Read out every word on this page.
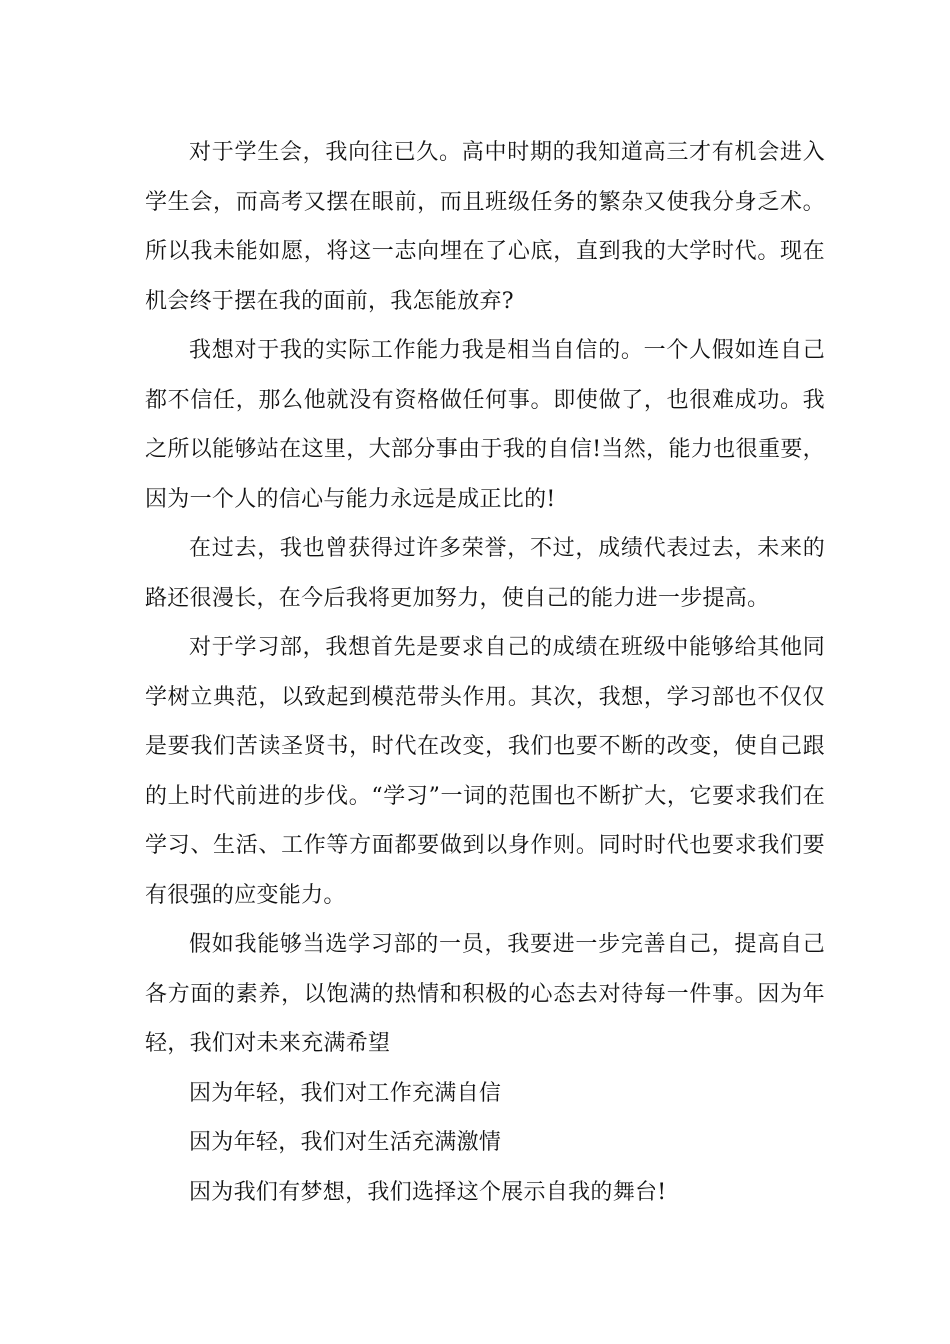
对于学生会，我向往已久。高中时期的我知道高三才有机会进入学生会，而高考又摆在眼前，而且班级任务的繁杂又使我分身乏术。所以我未能如愿，将这一志向埋在了心底，直到我的大学时代。现在机会终于摆在我的面前，我怎能放弃?

我想对于我的实际工作能力我是相当自信的。一个人假如连自己都不信任，那么他就没有资格做任何事。即使做了，也很难成功。我之所以能够站在这里，大部分事由于我的自信!当然，能力也很重要，因为一个人的信心与能力永远是成正比的!

在过去，我也曾获得过许多荣誉，不过，成绩代表过去，未来的路还很漫长，在今后我将更加努力，使自己的能力进一步提高。

对于学习部，我想首先是要求自己的成绩在班级中能够给其他同学树立典范，以致起到模范带头作用。其次，我想，学习部也不仅仅是要我们苦读圣贤书，时代在改变，我们也要不断的改变，使自己跟的上时代前进的步伐。“学习”一词的范围也不断扩大，它要求我们在学习、生活、工作等方面都要做到以身作则。同时时代也要求我们要有很强的应变能力。

假如我能够当选学习部的一员，我要进一步完善自己，提高自己各方面的素养，以饱满的热情和积极的心态去对待每一件事。因为年轻，我们对未来充满希望

因为年轻，我们对工作充满自信

因为年轻，我们对生活充满激情

因为我们有梦想，我们选择这个展示自我的舞台!
